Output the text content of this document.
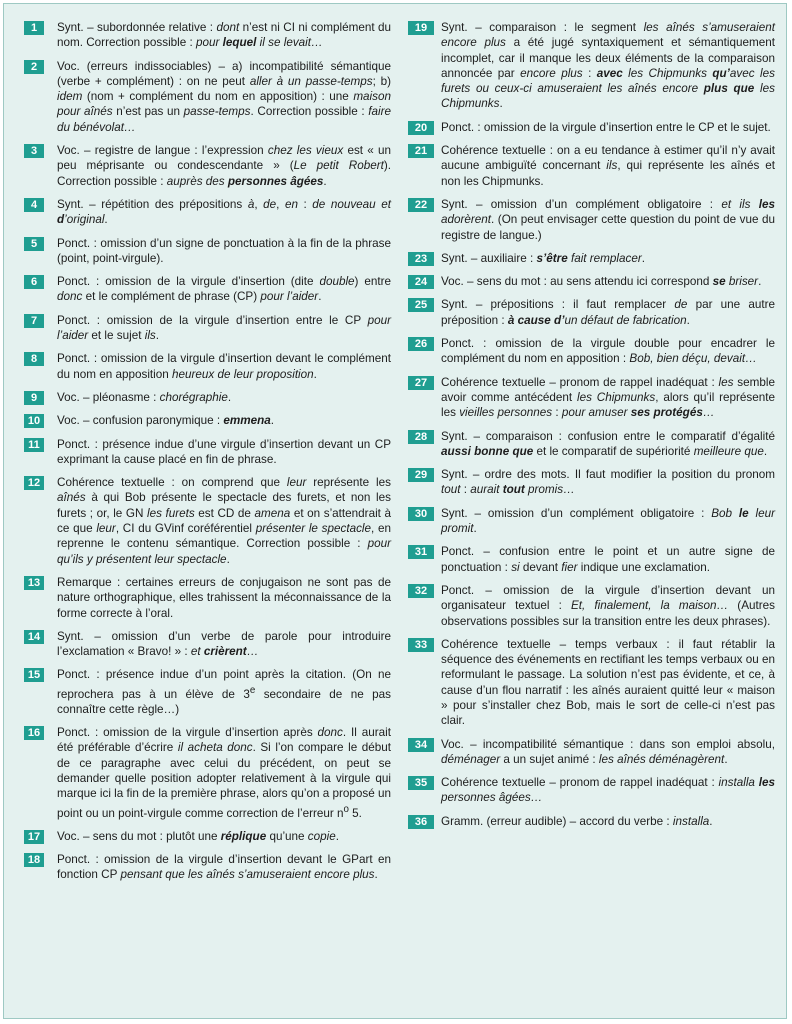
1	Synt. – subordonnée relative : dont n’est ni CI ni complément du nom. Correction possible : pour lequel il se levait…
2	Voc. (erreurs indissociables) – a) incompatibilité sémantique (verbe + complément) : on ne peut aller à un passe-temps; b) idem (nom + complément du nom en apposition) : une maison pour aînés n’est pas un passe-temps. Correction possible : faire du bénévolat…
3	Voc. – registre de langue : l’expression chez les vieux est « un peu méprisante ou condescendante » (Le petit Robert). Correction possible : auprès des personnes âgées.
4	Synt. – répétition des prépositions à, de, en : de nouveau et d’original.
5	Ponct. : omission d’un signe de ponctuation à la fin de la phrase (point, point-virgule).
6	Ponct. : omission de la virgule d’insertion (dite double) entre donc et le complément de phrase (CP) pour l’aider.
7	Ponct. : omission de la virgule d’insertion entre le CP pour l’aider et le sujet ils.
8	Ponct. : omission de la virgule d’insertion devant le complément du nom en apposition heureux de leur proposition.
9	Voc. – pléonasme : chorégraphie.
10	Voc. – confusion paronymique : emmena.
11	Ponct. : présence indue d’une virgule d’insertion devant un CP exprimant la cause placé en fin de phrase.
12	Cohérence textuelle : on comprend que leur représente les aînés à qui Bob présente le spectacle des furets, et non les furets ; or, le GN les furets est CD de amena et on s’attendrait à ce que leur, CI du GVinf coréférentiel présenter le spectacle, en reprenne le contenu sémantique. Correction possible : pour qu’ils y présentent leur spectacle.
13	Remarque : certaines erreurs de conjugaison ne sont pas de nature orthographique, elles trahissent la méconnaissance de la forme correcte à l’oral.
14	Synt. – omission d’un verbe de parole pour introduire l’exclamation « Bravo! » : et crièrent…
15	Ponct. : présence indue d’un point après la citation. (On ne reprochera pas à un élève de 3e secondaire de ne pas connaître cette règle…)
16	Ponct. : omission de la virgule d’insertion après donc. Il aurait été préférable d’écrire il acheta donc. Si l’on compare le début de ce paragraphe avec celui du précédent, on peut se demander quelle position adopter relativement à la virgule qui marque ici la fin de la première phrase, alors qu’on a proposé un point ou un point-virgule comme correction de l’erreur $n^o$ 5.
17	Voc. – sens du mot : plutôt une réplique qu’une copie.
18	Ponct. : omission de la virgule d’insertion devant le GPart en fonction CP pensant que les aînés s’amuseraient encore plus.
19	Synt. – comparaison : le segment les aînés s’amuseraient encore plus a été jugé syntaxiquement et sémantiquement incomplet, car il manque les deux éléments de la comparaison annoncée par encore plus : avec les Chipmunks qu’avec les furets ou ceux-ci amuseraient les aînés encore plus que les Chipmunks.
20	Ponct. : omission de la virgule d’insertion entre le CP et le sujet.
21	Cohérence textuelle : on a eu tendance à estimer qu’il n’y avait aucune ambiguïté concernant ils, qui représente les aînés et non les Chipmunks.
22	Synt. – omission d’un complément obligatoire : et ils les adorèrent. (On peut envisager cette question du point de vue du registre de langue.)
23	Synt. – auxiliaire : s’être fait remplacer.
24	Voc. – sens du mot : au sens attendu ici correspond se briser.
25	Synt. – prépositions : il faut remplacer de par une autre préposition : à cause d’un défaut de fabrication.
26	Ponct. : omission de la virgule double pour encadrer le complément du nom en apposition : Bob, bien déçu, devait…
27	Cohérence textuelle – pronom de rappel inadéquat : les semble avoir comme antécédent les Chipmunks, alors qu’il représente les vieilles personnes : pour amuser ses protégés…
28	Synt. – comparaison : confusion entre le comparatif d’égalité aussi bonne que et le comparatif de supériorité meilleure que.
29	Synt. – ordre des mots. Il faut modifier la position du pronom tout : aurait tout promis…
30	Synt. – omission d’un complément obligatoire : Bob le leur promit.
31	Ponct. – confusion entre le point et un autre signe de ponctuation : si devant fier indique une exclamation.
32	Ponct. – omission de la virgule d’insertion devant un organisateur textuel : Et, finalement, la maison… (Autres observations possibles sur la transition entre les deux phrases).
33	Cohérence textuelle – temps verbaux : il faut rétablir la séquence des événements en rectifiant les temps verbaux ou en reformulant le passage. La solution n’est pas évidente, et ce, à cause d’un flou narratif : les aînés auraient quitté leur « maison » pour s’installer chez Bob, mais le sort de celle-ci n’est pas clair.
34	Voc. – incompatibilité sémantique : dans son emploi absolu, déménager a un sujet animé : les aînés déménagèrent.
35	Cohérence textuelle – pronom de rappel inadéquat : installa les personnes âgées…
36	Gramm. (erreur audible) – accord du verbe : installa.
